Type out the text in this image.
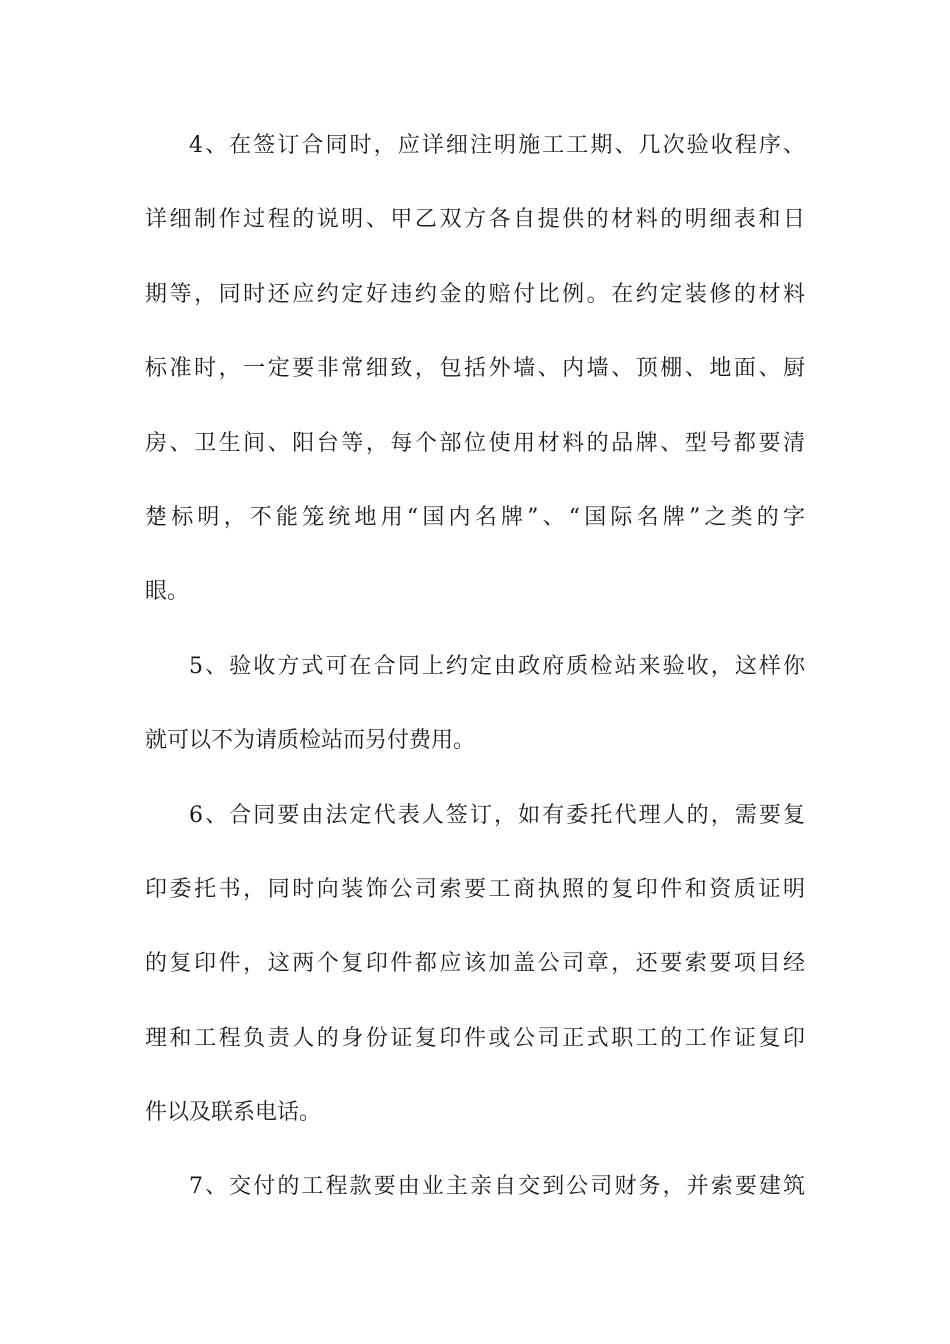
4、在签订合同时，应详细注明施工工期、几次验收程序、
详细制作过程的说明、甲乙双方各自提供的材料的明细表和日
期等，同时还应约定好违约金的赔付比例。在约定装修的材料
标准时，一定要非常细致，包括外墙、内墙、顶棚、地面、厨
房、卫生间、阳台等，每个部位使用材料的品牌、型号都要清
楚标明，不能笼统地用“国内名牌”、“国际名牌”之类的字
眼。
5、验收方式可在合同上约定由政府质检站来验收，这样你
就可以不为请质检站而另付费用。
6、合同要由法定代表人签订，如有委托代理人的，需要复
印委托书，同时向装饰公司索要工商执照的复印件和资质证明
的复印件，这两个复印件都应该加盖公司章，还要索要项目经
理和工程负责人的身份证复印件或公司正式职工的工作证复印
件以及联系电话。
7、交付的工程款要由业主亲自交到公司财务，并索要建筑
